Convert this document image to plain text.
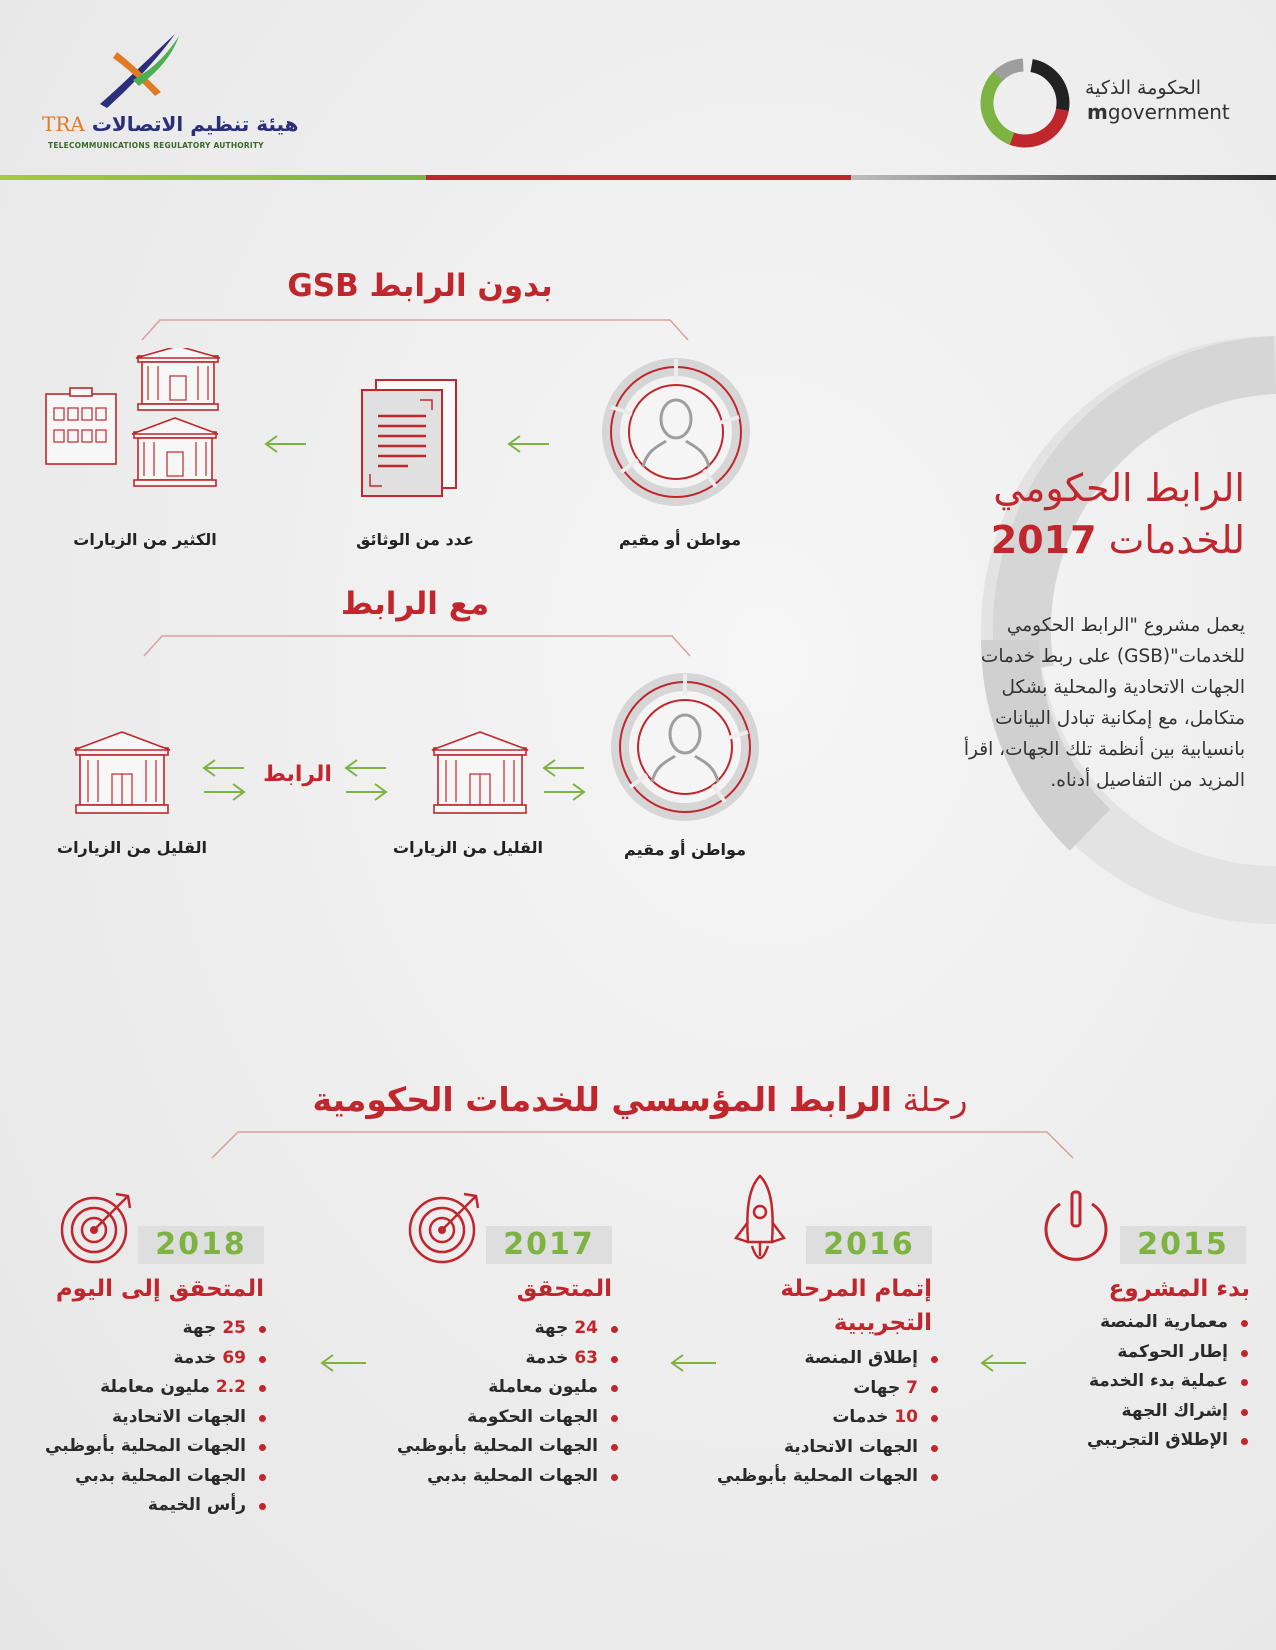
TRA هيئة تنظيم الاتصالات
TELECOMMUNICATIONS REGULATORY AUTHORITY
الحكومة الذكية
mgovernment
الرابط الحكومي
للخدمات 2017
يعمل مشروع "الرابط الحكومي للخدمات"(GSB) على ربط خدمات الجهات الاتحادية والمحلية بشكل متكامل، مع إمكانية تبادل البيانات بانسيابية بين أنظمة تلك الجهات، اقرأ المزيد من التفاصيل أدناه.
بدون الرابط GSB
مواطن أو مقيم
عدد من الوثائق
الكثير من الزيارات
مع الرابط
الرابط
مواطن أو مقيم
القليل من الزيارات
القليل من الزيارات
رحلة الرابط المؤسسي للخدمات الحكومية
2015
بدء المشروع
معمارية المنصة
إطار الحوكمة
عملية بدء الخدمة
إشراك الجهة
الإطلاق التجريبي
2016
إتمام المرحلة التجريبية
إطلاق المنصة
7 جهات
10 خدمات
الجهات الاتحادية
الجهات المحلية بأبوظبي
2017
المتحقق
24 جهة
63 خدمة
مليون معاملة
الجهات الحكومة
الجهات المحلية بأبوظبي
الجهات المحلية بدبي
2018
المتحقق إلى اليوم
25 جهة
69 خدمة
2.2 مليون معاملة
الجهات الاتحادية
الجهات المحلية بأبوظبي
الجهات المحلية بدبي
رأس الخيمة
